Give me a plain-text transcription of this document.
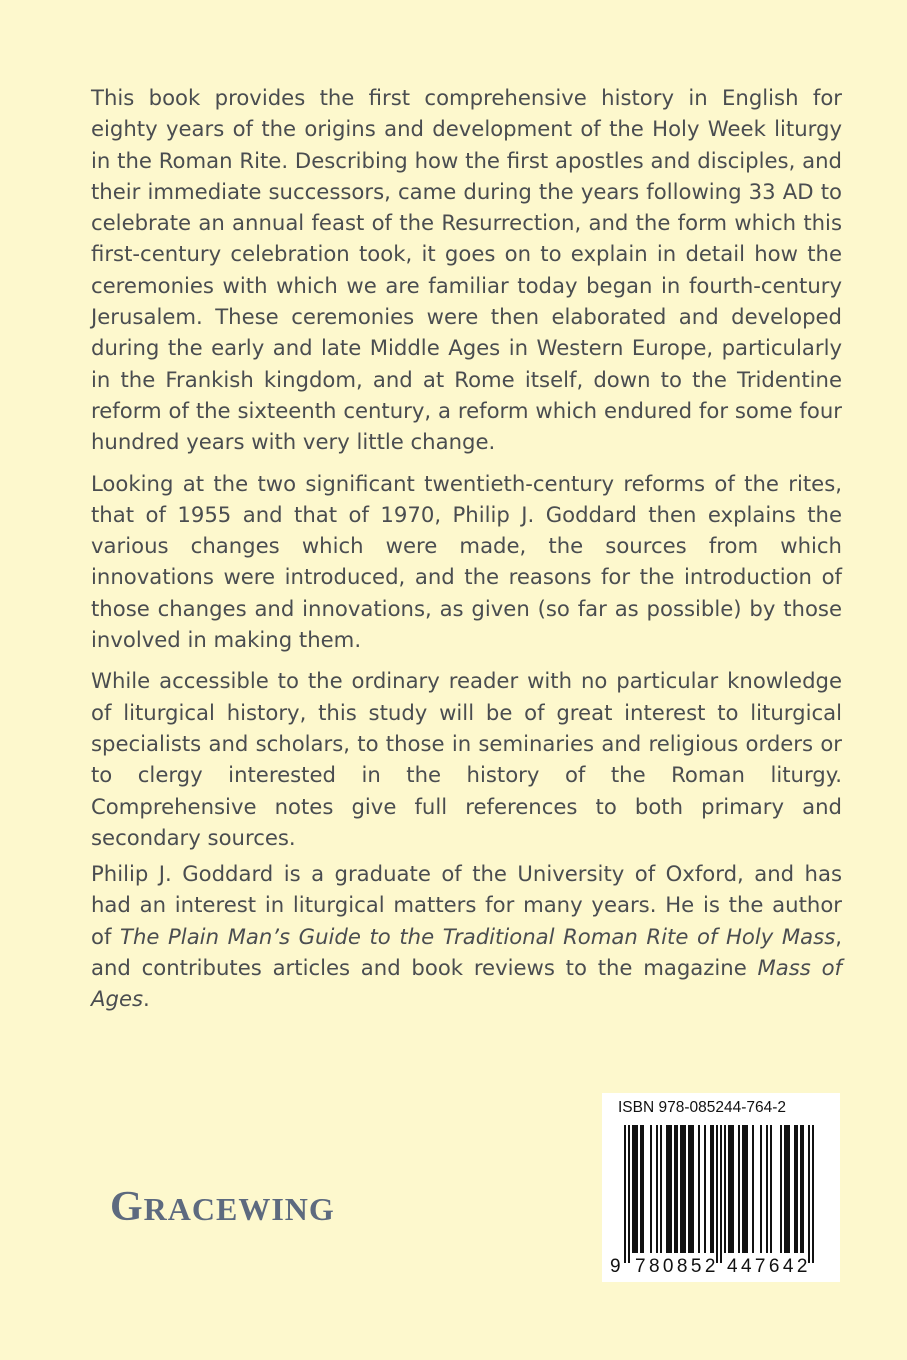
This book provides the first comprehensive history in English for eighty years of the origins and development of the Holy Week liturgy in the Roman Rite. Describing how the first apostles and disciples, and their immediate successors, came during the years following 33 AD to celebrate an annual feast of the Resurrection, and the form which this first-century celebration took, it goes on to explain in detail how the ceremonies with which we are familiar today began in fourth-century Jerusalem. These ceremonies were then elaborated and developed during the early and late Middle Ages in Western Europe, particularly in the Frankish kingdom, and at Rome itself, down to the Tridentine reform of the sixteenth century, a reform which endured for some four hundred years with very little change.

Looking at the two significant twentieth-century reforms of the rites, that of 1955 and that of 1970, Philip J. Goddard then explains the various changes which were made, the sources from which innovations were introduced, and the reasons for the introduction of those changes and innovations, as given (so far as possible) by those involved in making them.

While accessible to the ordinary reader with no particular knowledge of liturgical history, this study will be of great interest to liturgical specialists and scholars, to those in seminaries and religious orders or to clergy interested in the history of the Roman liturgy. Comprehensive notes give full references to both primary and secondary sources.

Philip J. Goddard is a graduate of the University of Oxford, and has had an interest in liturgical matters for many years. He is the author of The Plain Man’s Guide to the Traditional Roman Rite of Holy Mass, and contributes articles and book reviews to the magazine Mass of Ages.

GRACEWING
ISBN 978-085244-764-2
9 780852 447642
